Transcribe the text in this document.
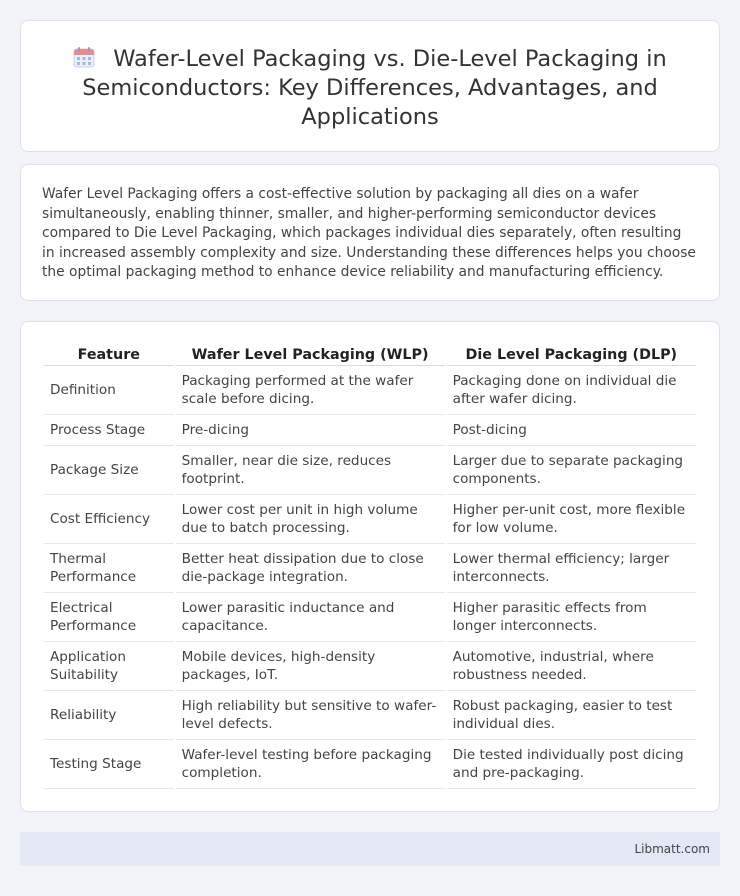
Wafer-Level Packaging vs. Die-Level Packaging in Semiconductors: Key Differences, Advantages, and Applications

Wafer Level Packaging offers a cost-effective solution by packaging all dies on a wafer simultaneously, enabling thinner, smaller, and higher-performing semiconductor devices compared to Die Level Packaging, which packages individual dies separately, often resulting in increased assembly complexity and size. Understanding these differences helps you choose the optimal packaging method to enhance device reliability and manufacturing efficiency.

Feature	Wafer Level Packaging (WLP)	Die Level Packaging (DLP)
Definition	Packaging performed at the wafer scale before dicing.	Packaging done on individual die after wafer dicing.
Process Stage	Pre-dicing	Post-dicing
Package Size	Smaller, near die size, reduces footprint.	Larger due to separate packaging components.
Cost Efficiency	Lower cost per unit in high volume due to batch processing.	Higher per-unit cost, more flexible for low volume.
Thermal Performance	Better heat dissipation due to close die-package integration.	Lower thermal efficiency; larger interconnects.
Electrical Performance	Lower parasitic inductance and capacitance.	Higher parasitic effects from longer interconnects.
Application Suitability	Mobile devices, high-density packages, IoT.	Automotive, industrial, where robustness needed.
Reliability	High reliability but sensitive to wafer-level defects.	Robust packaging, easier to test individual dies.
Testing Stage	Wafer-level testing before packaging completion.	Die tested individually post dicing and pre-packaging.
Libmatt.com
